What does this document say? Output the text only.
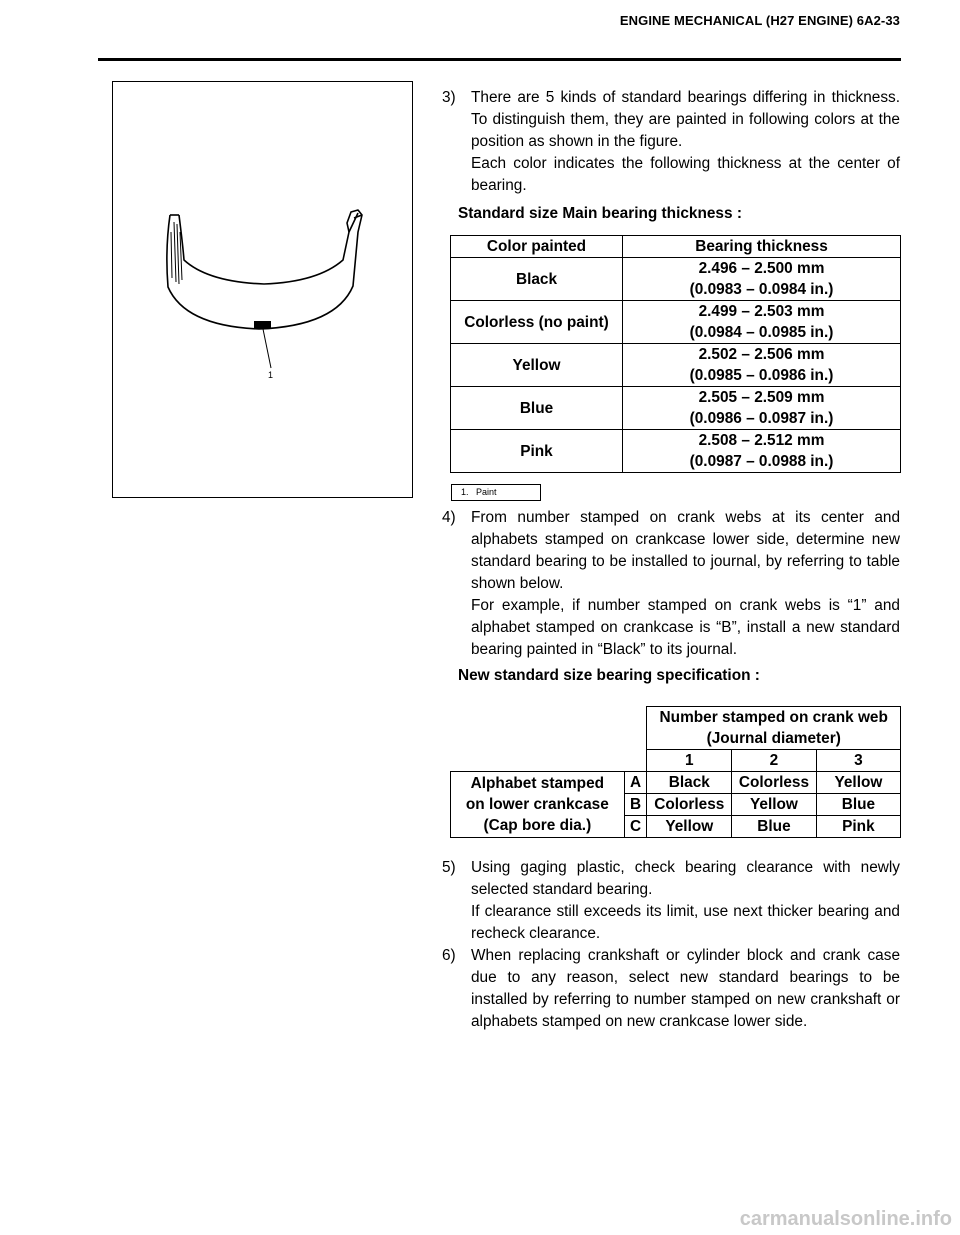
ENGINE MECHANICAL (H27 ENGINE) 6A2-33
1
1.   Paint
3) There are 5 kinds of standard bearings differing in thickness. To distinguish them, they are painted in following colors at the position as shown in the figure.

Each color indicates the following thickness at the center of bearing.

Standard size Main bearing thickness :
Color painted	Bearing thickness
Black	2.496 – 2.500 mm
(0.0983 – 0.0984 in.)

Colorless (no paint)	2.499 – 2.503 mm
(0.0984 – 0.0985 in.)

Yellow	2.502 – 2.506 mm
(0.0985 – 0.0986 in.)

Blue	2.505 – 2.509 mm
(0.0986 – 0.0987 in.)

Pink	2.508 – 2.512 mm
(0.0987 – 0.0988 in.)
4) From number stamped on crank webs at its center and alphabets stamped on crankcase lower side, determine new standard bearing to be installed to journal, by referring to table shown below.

For example, if number stamped on crank webs is “1” and alphabet stamped on crankcase is “B”, install a new standard bearing painted in “Black” to its journal.

New standard size bearing specification :

		Number stamped on crank web
(Journal diameter)		

		1	2	3

Alphabet stamped
on lower crankcase
(Cap bore dia.)	A	Black	Colorless	Yellow
	B	Colorless	Yellow	Blue
	C	Yellow	Blue	Pink
5) Using gaging plastic, check bearing clearance with newly selected standard bearing.

If clearance still exceeds its limit, use next thicker bearing and recheck clearance.

6) When replacing crankshaft or cylinder block and crank case due to any reason, select new standard bearings to be installed by referring to number stamped on new crankshaft or alphabets stamped on new crankcase lower side.

carmanualsonline.info
